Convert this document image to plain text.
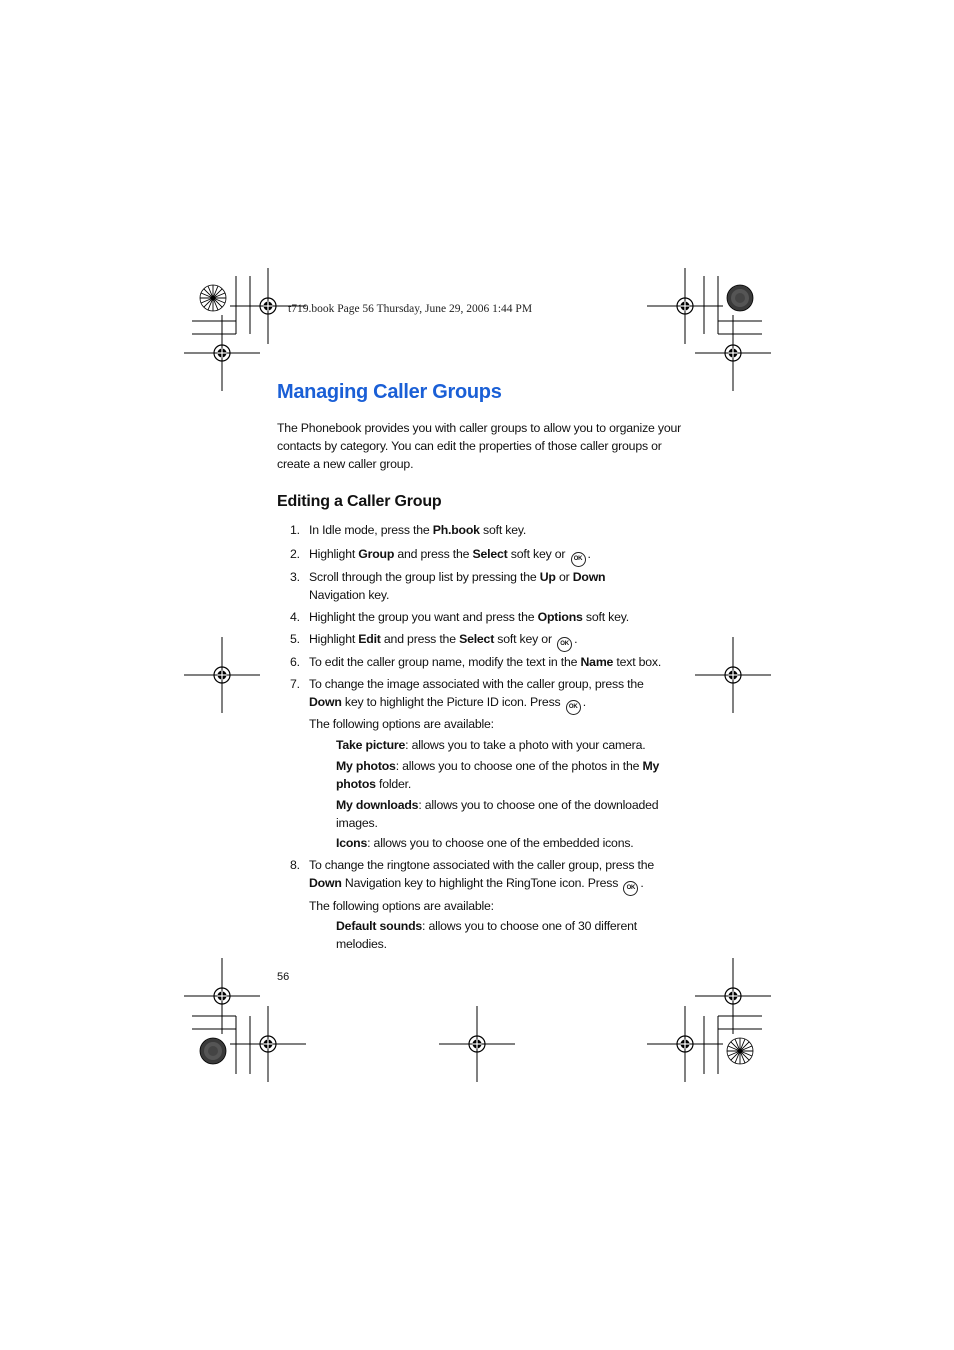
t719.book Page 56 Thursday, June 29, 2006 1:44 PM
Managing Caller Groups
The Phonebook provides you with caller groups to allow you to organize your
contacts by category. You can edit the properties of those caller groups or
create a new caller group.
Editing a Caller Group
1. In Idle mode, press the Ph.book soft key.
2. Highlight Group and press the Select soft key or OK .
3. Scroll through the group list by pressing the Up or Down
Navigation key.
4. Highlight the group you want and press the Options soft key.
5. Highlight Edit and press the Select soft key or OK .
6. To edit the caller group name, modify the text in the Name text box.
7. To change the image associated with the caller group, press the
Down key to highlight the Picture ID icon. Press OK .
The following options are available:
Take picture: allows you to take a photo with your camera.
My photos: allows you to choose one of the photos in the My
photos folder.
My downloads: allows you to choose one of the downloaded
images.
Icons: allows you to choose one of the embedded icons.
8. To change the ringtone associated with the caller group, press the
Down Navigation key to highlight the RingTone icon. Press OK .
The following options are available:
Default sounds: allows you to choose one of 30 different
melodies.
56
